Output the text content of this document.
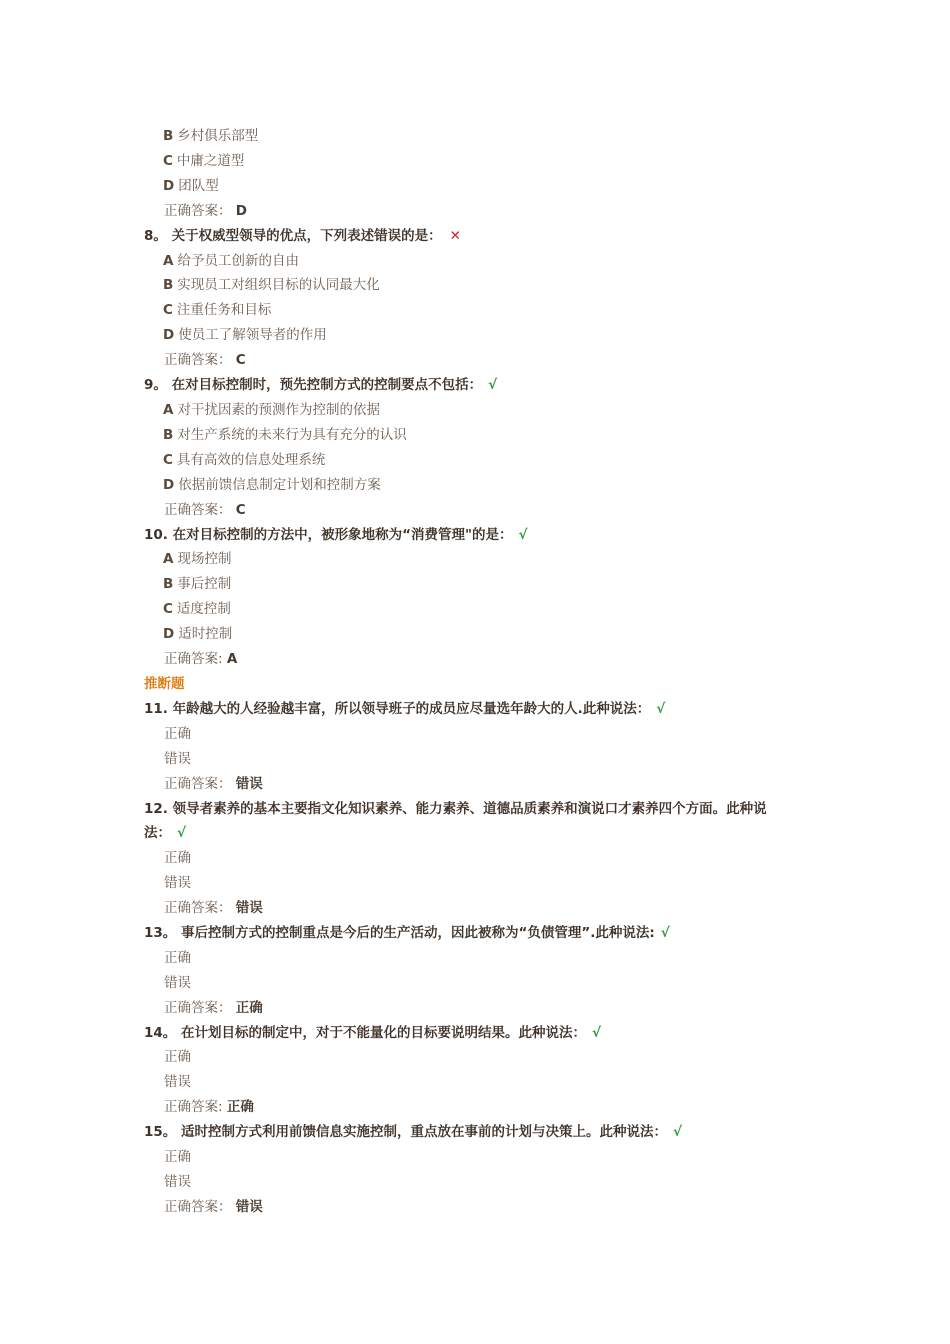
B 乡村俱乐部型
C 中庸之道型
D 团队型
正确答案： D
8。 关于权威型领导的优点，下列表述错误的是： ✕
A 给予员工创新的自由
B 实现员工对组织目标的认同最大化
C 注重任务和目标
D 使员工了解领导者的作用
正确答案： C
9。 在对目标控制时，预先控制方式的控制要点不包括： √
A 对干扰因素的预测作为控制的依据
B 对生产系统的未来行为具有充分的认识
C 具有高效的信息处理系统
D 依据前馈信息制定计划和控制方案
正确答案： C
10. 在对目标控制的方法中，被形象地称为“消费管理"的是： √
A 现场控制
B 事后控制
C 适度控制
D 适时控制
正确答案: A
推断题
11. 年龄越大的人经验越丰富，所以领导班子的成员应尽量选年龄大的人.此种说法： √
正确
错误
正确答案： 错误
12. 领导者素养的基本主要指文化知识素养、能力素养、道德品质素养和演说口才素养四个方面。此种说
法： √
正确
错误
正确答案： 错误
13。 事后控制方式的控制重点是今后的生产活动，因此被称为“负债管理”.此种说法: √
正确
错误
正确答案： 正确
14。 在计划目标的制定中，对于不能量化的目标要说明结果。此种说法： √
正确
错误
正确答案: 正确
15。 适时控制方式利用前馈信息实施控制，重点放在事前的计划与决策上。此种说法： √
正确
错误
正确答案： 错误
